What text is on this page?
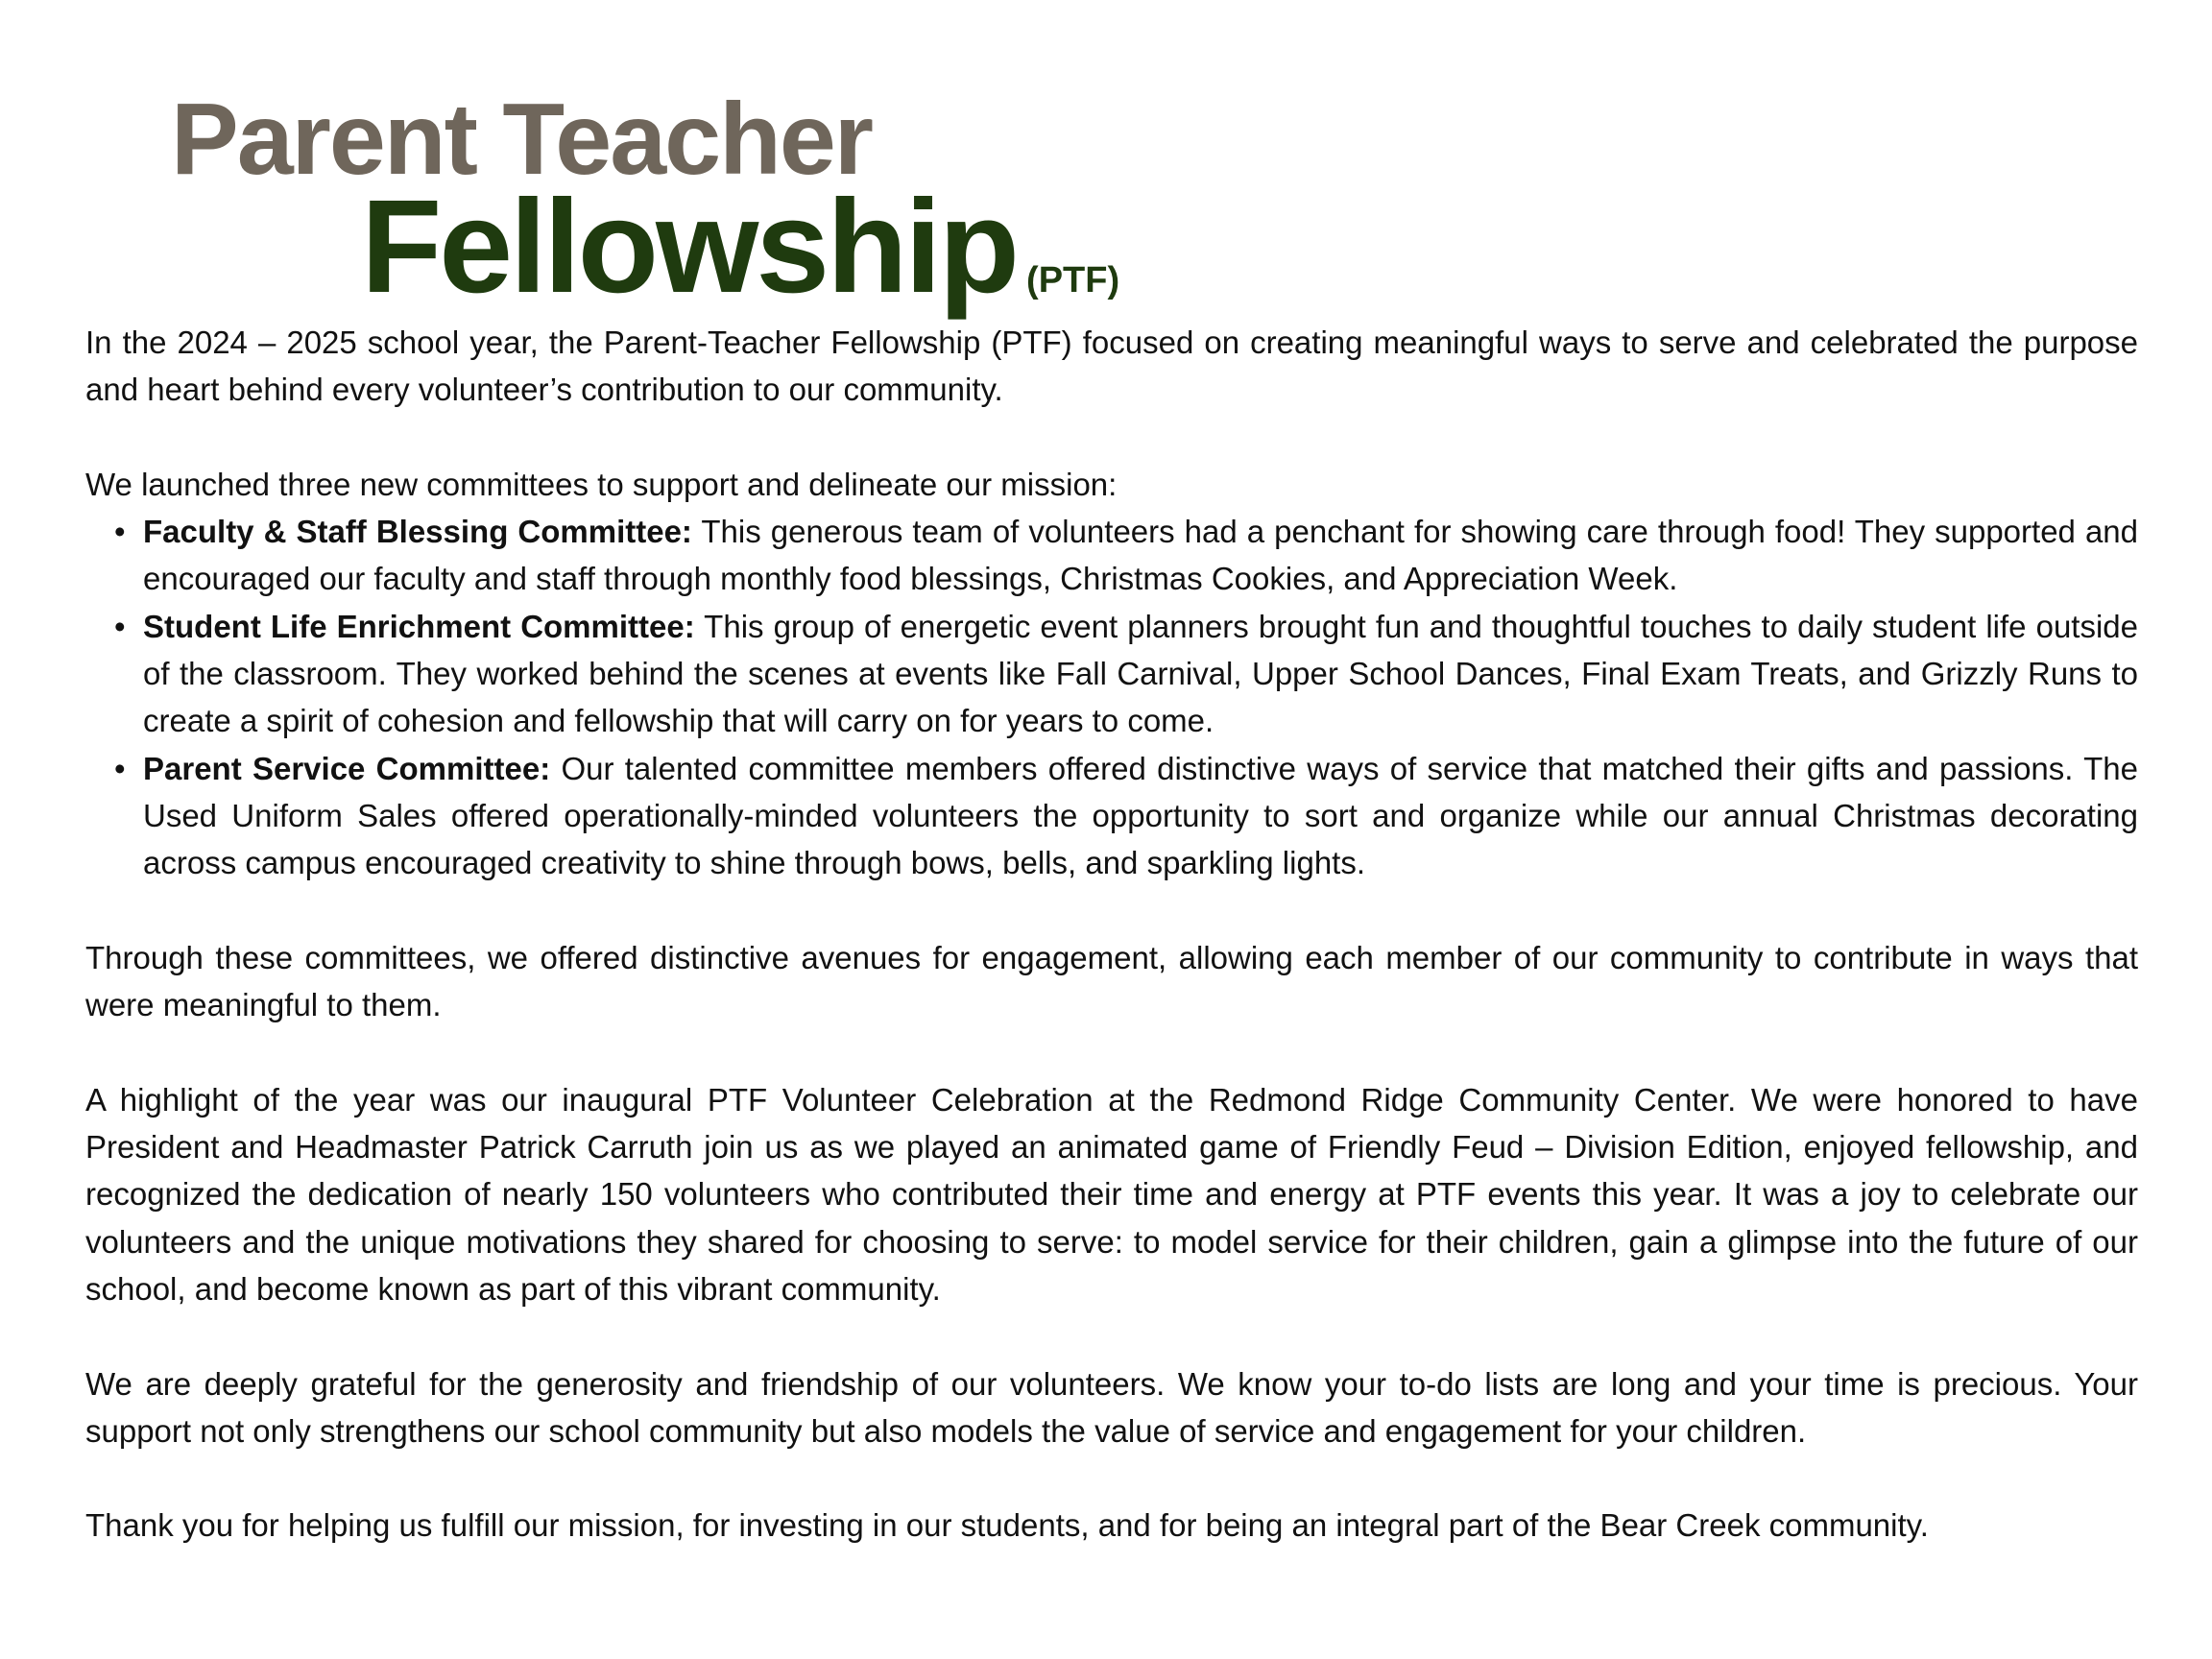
Parent Teacher
Fellowship (PTF)

In the 2024 – 2025 school year, the Parent-Teacher Fellowship (PTF) focused on creating meaningful ways to serve and celebrated the purpose and heart behind every volunteer’s contribution to our community.

We launched three new committees to support and delineate our mission:

• Faculty & Staff Blessing Committee: This generous team of volunteers had a penchant for showing care through food! They supported and encouraged our faculty and staff through monthly food blessings, Christmas Cookies, and Appreciation Week.
• Student Life Enrichment Committee: This group of energetic event planners brought fun and thoughtful touches to daily student life outside of the classroom. They worked behind the scenes at events like Fall Carnival, Upper School Dances, Final Exam Treats, and Grizzly Runs to create a spirit of cohesion and fellowship that will carry on for years to come.
• Parent Service Committee: Our talented committee members offered distinctive ways of service that matched their gifts and passions. The Used Uniform Sales offered operationally-minded volunteers the opportunity to sort and organize while our annual Christmas decorating across campus encouraged creativity to shine through bows, bells, and sparkling lights.

Through these committees, we offered distinctive avenues for engagement, allowing each member of our community to contribute in ways that were meaningful to them.

A highlight of the year was our inaugural PTF Volunteer Celebration at the Redmond Ridge Community Center. We were honored to have President and Headmaster Patrick Carruth join us as we played an animated game of Friendly Feud – Division Edition, enjoyed fellowship, and recognized the dedication of nearly 150 volunteers who contributed their time and energy at PTF events this year. It was a joy to celebrate our volunteers and the unique motivations they shared for choosing to serve: to model service for their children, gain a glimpse into the future of our school, and become known as part of this vibrant community.

We are deeply grateful for the generosity and friendship of our volunteers. We know your to-do lists are long and your time is precious. Your support not only strengthens our school community but also models the value of service and engagement for your children.

Thank you for helping us fulfill our mission, for investing in our students, and for being an integral part of the Bear Creek community.
